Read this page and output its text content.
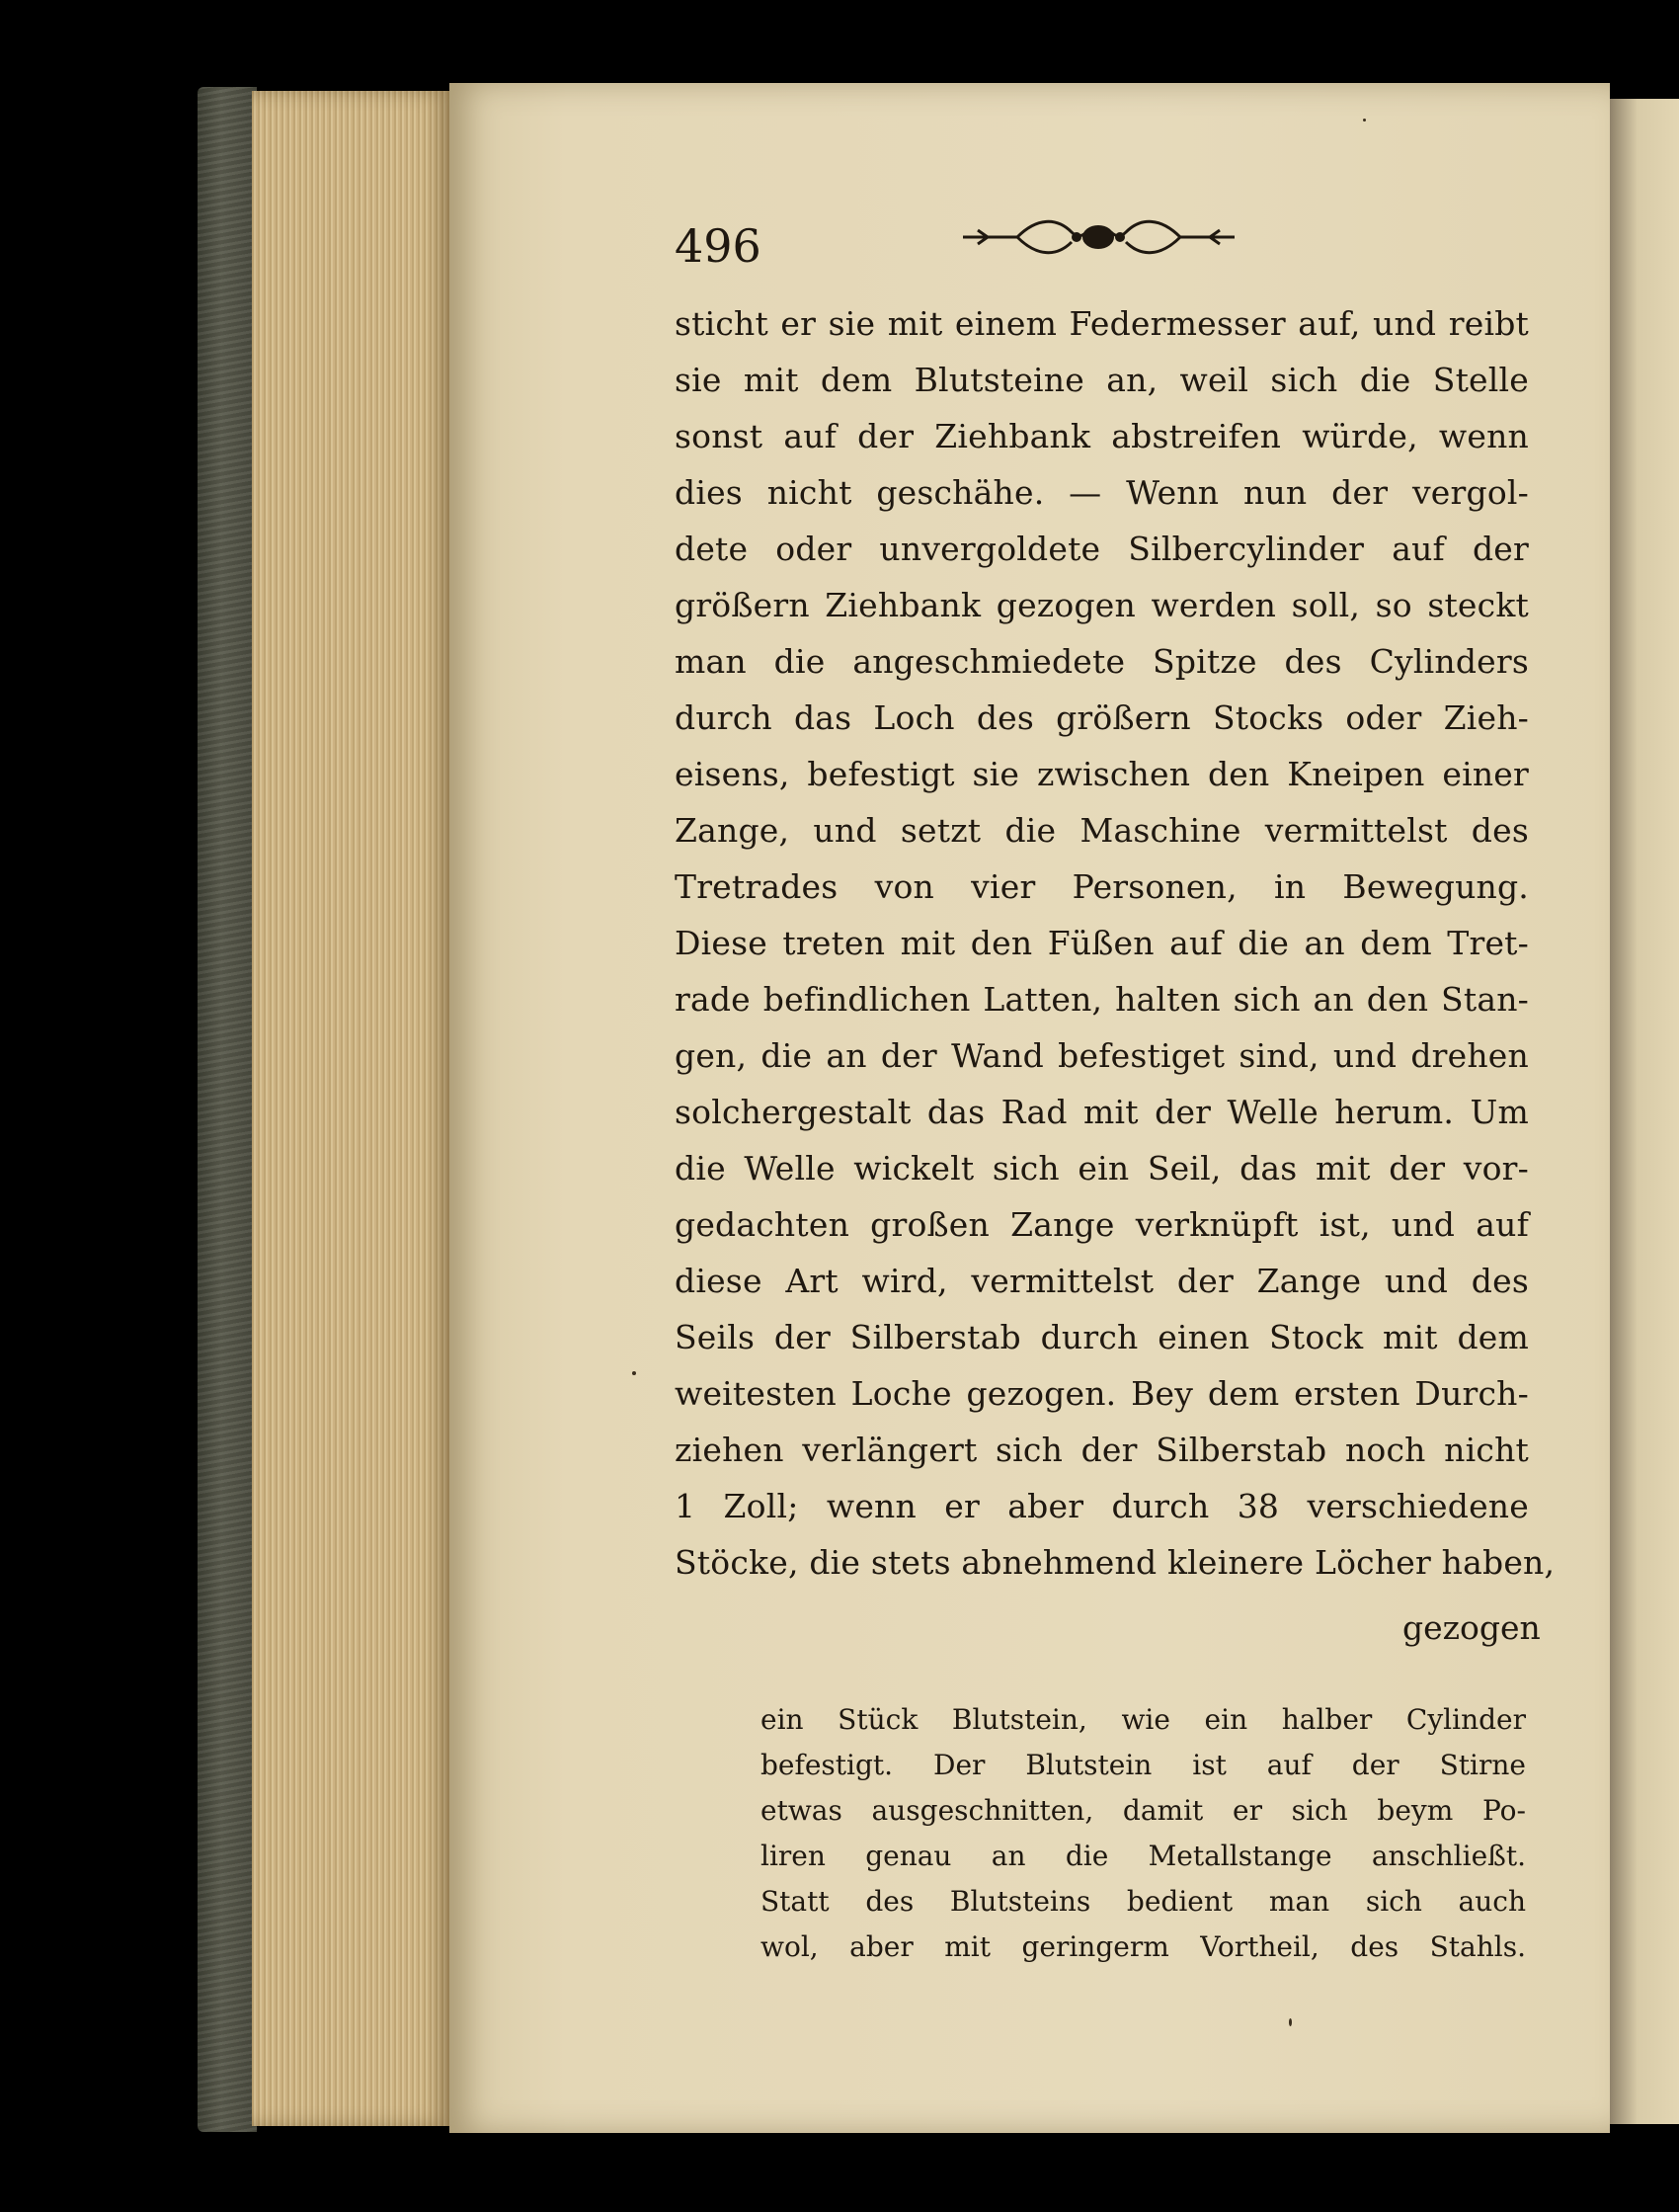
496
sticht er sie mit einem Federmesser auf, und reibt
sie mit dem Blutsteine an, weil sich die Stelle
sonst auf der Ziehbank abstreifen würde, wenn
dies nicht geschähe. — Wenn nun der vergol-
dete oder unvergoldete Silbercylinder auf der
größern Ziehbank gezogen werden soll, so steckt
man die angeschmiedete Spitze des Cylinders
durch das Loch des größern Stocks oder Zieh-
eisens, befestigt sie zwischen den Kneipen einer
Zange, und setzt die Maschine vermittelst des
Tretrades von vier Personen, in Bewegung.
Diese treten mit den Füßen auf die an dem Tret-
rade befindlichen Latten, halten sich an den Stan-
gen, die an der Wand befestiget sind, und drehen
solchergestalt das Rad mit der Welle herum. Um
die Welle wickelt sich ein Seil, das mit der vor-
gedachten großen Zange verknüpft ist, und auf
diese Art wird, vermittelst der Zange und des
Seils der Silberstab durch einen Stock mit dem
weitesten Loche gezogen. Bey dem ersten Durch-
ziehen verlängert sich der Silberstab noch nicht
1 Zoll; wenn er aber durch 38 verschiedene
Stöcke, die stets abnehmend kleinere Löcher haben,
gezogen
ein Stück Blutstein, wie ein halber Cylinder
befestigt. Der Blutstein ist auf der Stirne
etwas ausgeschnitten, damit er sich beym Po-
liren genau an die Metallstange anschließt.
Statt des Blutsteins bedient man sich auch
wol, aber mit geringerm Vortheil, des Stahls.
